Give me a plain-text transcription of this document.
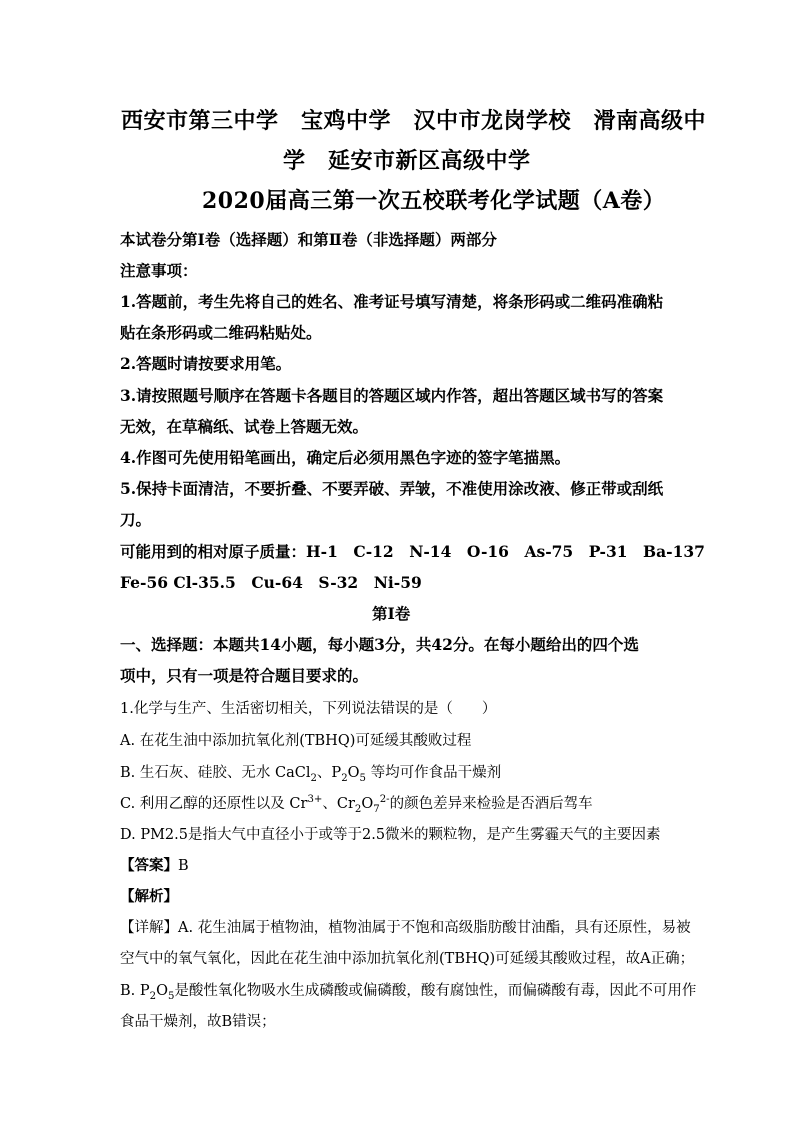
西安市第三中学　宝鸡中学　汉中市龙岗学校　滑南高级中
学　延安市新区高级中学
2020届高三第一次五校联考化学试题（A卷）
本试卷分第Ⅰ卷（选择题）和第Ⅱ卷（非选择题）两部分
注意事项：
1.答题前，考生先将自己的姓名、准考证号填写清楚，将条形码或二维码准确粘
贴在条形码或二维码粘贴处。
2.答题时请按要求用笔。
3.请按照题号顺序在答题卡各题目的答题区域内作答，超出答题区域书写的答案
无效，在草稿纸、试卷上答题无效。
4.作图可先使用铅笔画出，确定后必须用黑色字迹的签字笔描黑。
5.保持卡面清洁，不要折叠、不要弄破、弄皱，不准使用涂改液、修正带或刮纸
刀。
可能用到的相对原子质量：H-1　C-12　N-14　O-16　As-75　P-31　Ba-137
Fe-56 Cl-35.5　Cu-64　S-32　Ni-59
第Ⅰ卷
一、选择题：本题共14小题，每小题3分，共42分。在每小题给出的四个选
项中，只有一项是符合题目要求的。
1.化学与生产、生活密切相关，下列说法错误的是（　　）
A. 在花生油中添加抗氧化剂(TBHQ)可延缓其酸败过程
B. 生石灰、硅胶、无水 CaCl$_2$、$P_2O_5$ 等均可作食品干燥剂
C. 利用乙醇的还原性以及 $Cr^{3+}$、$Cr_2O_7^{2-}$的颜色差异来检验是否酒后驾车
D. PM2.5是指大气中直径小于或等于2.5微米的颗粒物，是产生雾霾天气的主要因素
【答案】B
【解析】
【详解】A. 花生油属于植物油，植物油属于不饱和高级脂肪酸甘油酯，具有还原性，易被
空气中的氧气氧化，因此在花生油中添加抗氧化剂(TBHQ)可延缓其酸败过程，故A正确；
B. $P_2O_5$是酸性氧化物吸水生成磷酸或偏磷酸，酸有腐蚀性，而偏磷酸有毒，因此不可用作
食品干燥剂，故B错误；
